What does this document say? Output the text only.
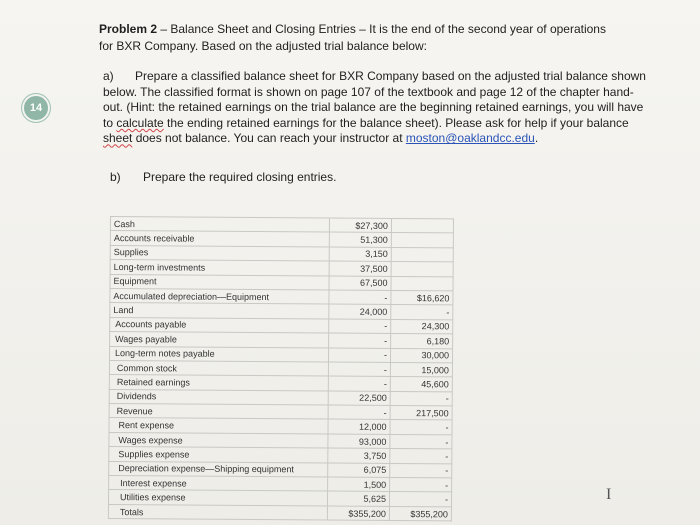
14
Problem 2 – Balance Sheet and Closing Entries – It is the end of the second year of operations for BXR Company. Based on the adjusted trial balance below:
a) Prepare a classified balance sheet for BXR Company based on the adjusted trial balance shown below. The classified format is shown on page 107 of the textbook and page 12 of the chapter hand-out. (Hint: the retained earnings on the trial balance are the beginning retained earnings, you will have to calculate the ending retained earnings for the balance sheet). Please ask for help if your balance sheet does not balance. You can reach your instructor at moston@oaklandcc.edu.
b) Prepare the required closing entries.
Cash	$27,300	
Accounts receivable	51,300	
Supplies	3,150	
Long-term investments	37,500	
Equipment	67,500	
Accumulated depreciation—Equipment	-	$16,620
Land	24,000	-
Accounts payable	-	24,300
Wages payable	-	6,180
Long-term notes payable	-	30,000
Common stock	-	15,000
Retained earnings	-	45,600
Dividends	22,500	-
Revenue	-	217,500
Rent expense	12,000	-
Wages expense	93,000	-
Supplies expense	3,750	-
Depreciation expense—Shipping equipment	6,075	-
Interest expense	1,500	-
Utilities expense	5,625	-
Totals	$355,200	$355,200
I
